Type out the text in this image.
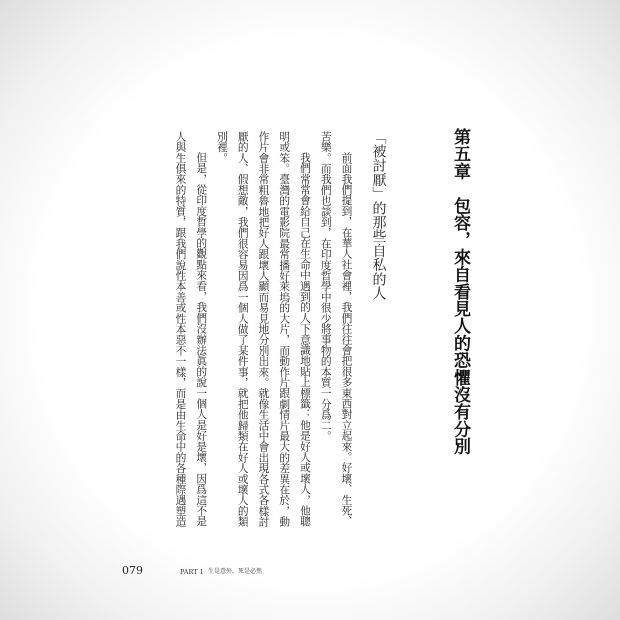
第五章　包容，來自看見人的恐懼沒有分別
「被討厭」的那些自私的人
前面我們提到，在華人社會裡，我們往往會把很多東西對立起來。好壞、生死、
苦樂。而我們也談到，在印度哲學中很少將事物的本質一分爲二。
我們常常會給自己在生命中遇到的人下意識地貼上標籤：他是好人或壞人，他聰
明或笨。臺灣的電影院最常播好萊塢的大片，而動作片跟劇情片最大的差異在於，動
作片會非常粗魯地把好人跟壞人顯而易見地分別出來。就像生活中會出現各式各樣討
厭的人、假想敵，我們很容易因爲一個人做了某件事，就把他歸類在好人或壞人的類
別裡。
但是，從印度哲學的觀點來看，我們沒辦法眞的說一個人是好是壞，因爲這不是
人與生俱來的特質，跟我們說性本善或性本惡不一樣，而是由生命中的各種際遇塑造
079	PART 1 生是意外，死是必然
